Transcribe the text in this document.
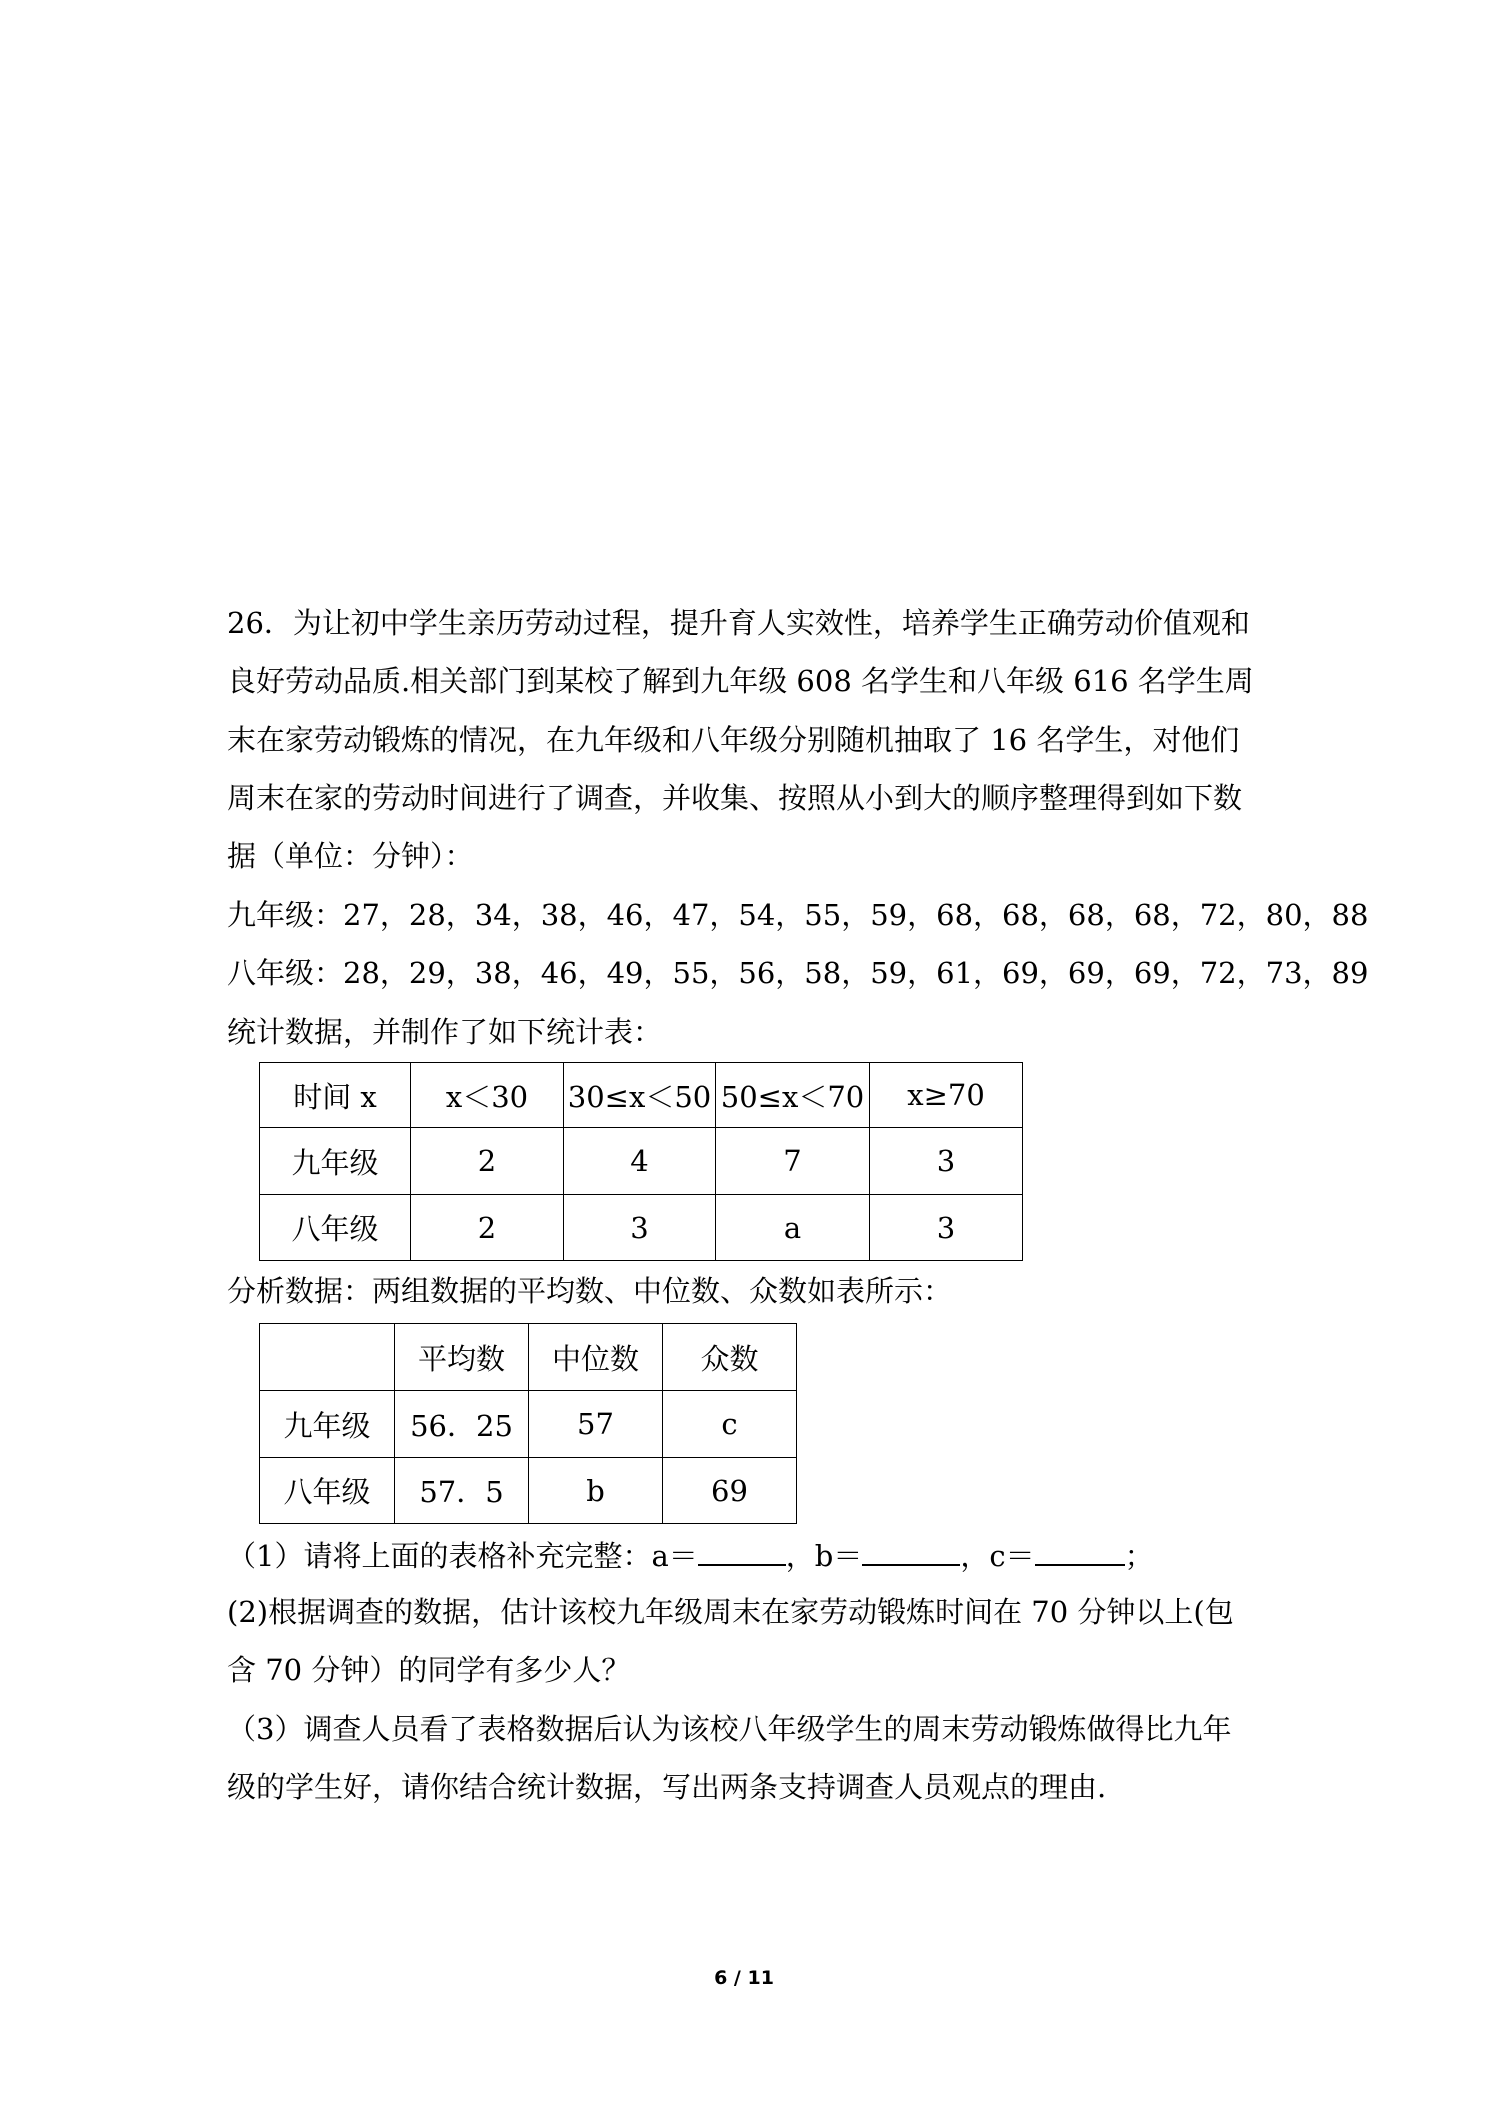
26．为让初中学生亲历劳动过程，提升育人实效性，培养学生正确劳动价值观和
良好劳动品质.相关部门到某校了解到九年级 608 名学生和八年级 616 名学生周
末在家劳动锻炼的情况，在九年级和八年级分别随机抽取了 16 名学生，对他们
周末在家的劳动时间进行了调查，并收集、按照从小到大的顺序整理得到如下数
据（单位：分钟）：
九年级：27，28，34，38，46，47，54，55，59，68，68，68，68，72，80，88
八年级：28，29，38，46，49，55，56，58，59，61，69，69，69，72，73，89
统计数据，并制作了如下统计表：
时间 x	x＜30	30≤x＜50	50≤x＜70	x≥70
九年级	2	4	7	3
八年级	2	3	a	3
分析数据：两组数据的平均数、中位数、众数如表所示：
	平均数	中位数	众数
九年级	56．25	57	c
八年级	57．5	b	69
（1）请将上面的表格补充完整：a＝	，b＝	，c＝	；
(2)根据调查的数据，估计该校九年级周末在家劳动锻炼时间在 70 分钟以上(包
含 70 分钟）的同学有多少人？
（3）调查人员看了表格数据后认为该校八年级学生的周末劳动锻炼做得比九年
级的学生好，请你结合统计数据，写出两条支持调查人员观点的理由.
6 / 11
